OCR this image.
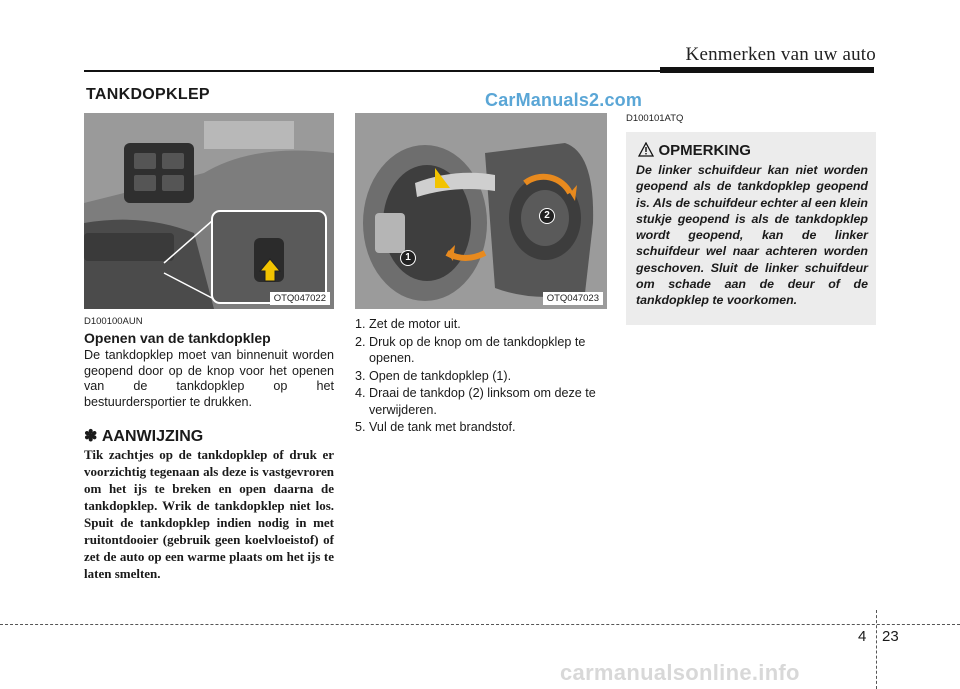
Kenmerken van uw auto
TANKDOPKLEP	CarManuals2.com
OTQ047022
1
2
OTQ047023
D100100AUN
Openen van de tankdopklep
De tankdopklep moet van binnenuit worden geopend door op de knop voor het openen van de tankdopklep op het bestuurdersportier te drukken.
✽ AANWIJZING
Tik zachtjes op de tankdopklep of druk er voorzichtig tegenaan als deze is vastgevroren om het ijs te breken en open daarna de tankdopklep. Wrik de tankdopklep niet los. Spuit de tankdopklep indien nodig in met ruitontdooier (gebruik geen koelvloeistof) of zet de auto op een warme plaats om het ijs te laten smelten.
1. Zet de motor uit.
2. Druk op de knop om de tankdopklep te openen.
3. Open de tankdopklep (1).
4. Draai de tankdop (2) linksom om deze te verwijderen.
5. Vul de tank met brandstof.
D100101ATQ
OPMERKING
De linker schuifdeur kan niet worden geopend als de tankdopklep geopend is. Als de schuifdeur echter al een klein stukje geopend is als de tankdopklep wordt geopend, kan de linker schuifdeur wel naar achteren worden geschoven. Sluit de linker schuifdeur om schade aan de deur of de tankdopklep te voorkomen.
4 23
carmanualsonline.info
